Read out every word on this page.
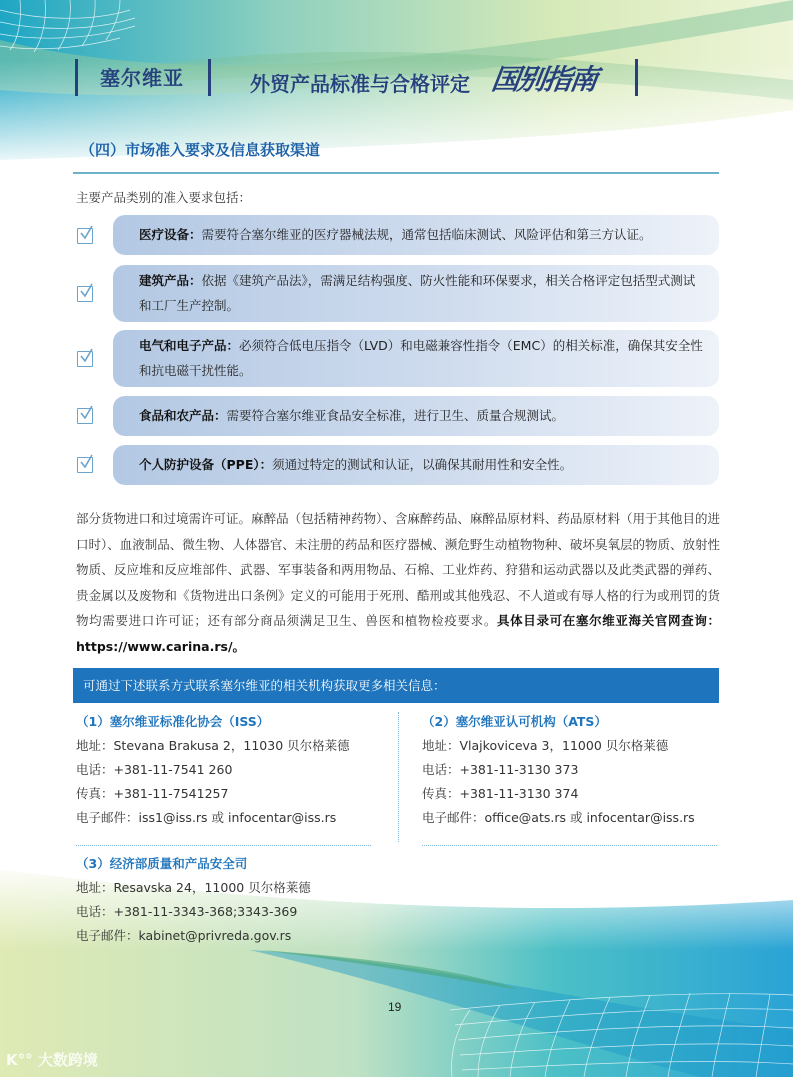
塞尔维亚	外贸产品标准与合格评定 国别指南
（四）市场准入要求及信息获取渠道
主要产品类别的准入要求包括：
医疗设备：需要符合塞尔维亚的医疗器械法规，通常包括临床测试、风险评估和第三方认证。
建筑产品：依据《建筑产品法》，需满足结构强度、防火性能和环保要求，相关合格评定包括型式测试和工厂生产控制。
电气和电子产品：必须符合低电压指令（LVD）和电磁兼容性指令（EMC）的相关标准，确保其安全性和抗电磁干扰性能。
食品和农产品：需要符合塞尔维亚食品安全标准，进行卫生、质量合规测试。
个人防护设备（PPE）：须通过特定的测试和认证，以确保其耐用性和安全性。
部分货物进口和过境需许可证。麻醉品（包括精神药物）、含麻醉药品、麻醉品原材料、药品原材料（用于其他目的进口时）、血液制品、微生物、人体器官、未注册的药品和医疗器械、濒危野生动植物物种、破坏臭氧层的物质、放射性物质、反应堆和反应堆部件、武器、军事装备和两用物品、石棉、工业炸药、狩猎和运动武器以及此类武器的弹药、贵金属以及废物和《货物进出口条例》定义的可能用于死刑、酷刑或其他残忍、不人道或有辱人格的行为或刑罚的货物均需要进口许可证；还有部分商品须满足卫生、兽医和植物检疫要求。具体目录可在塞尔维亚海关官网查询：https://www.carina.rs/。
可通过下述联系方式联系塞尔维亚的相关机构获取更多相关信息：
（1）塞尔维亚标准化协会（ISS）
地址：Stevana Brakusa 2，11030 贝尔格莱德
电话：+381-11-7541 260
传真：+381-11-7541257
电子邮件：iss1@iss.rs 或 infocentar@iss.rs
（2）塞尔维亚认可机构（ATS）
地址：Vlajkoviceva 3，11000 贝尔格莱德
电话：+381-11-3130 373
传真：+381-11-3130 374
电子邮件：office@ats.rs 或 infocentar@iss.rs
（3）经济部质量和产品安全司
地址：Resavska 24，11000 贝尔格莱德
电话：+381-11-3343-368;3343-369
电子邮件：kabinet@privreda.gov.rs
19
K°° 大数跨境
